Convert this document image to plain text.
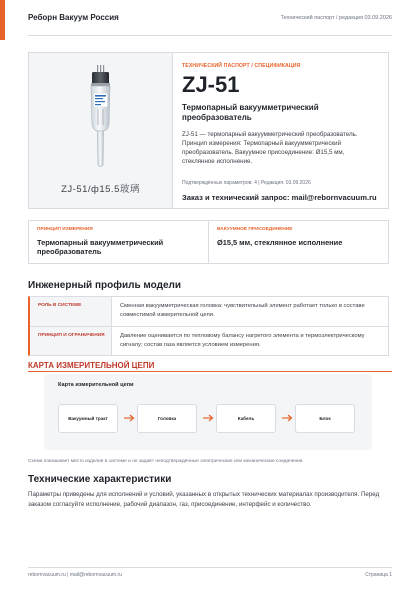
Реборн Вакуум Россия	Технический паспорт / редакция 03.09.2026
ZJ-51/ф15.5玻璃
ТЕХНИЧЕСКИЙ ПАСПОРТ / СПЕЦИФИКАЦИЯ
ZJ-51
Термопарный вакуумметрический преобразователь
ZJ-51 — термопарный вакуумметрический преобразователь. Принцип измерения: Термопарный вакуумметрический преобразователь. Вакуумное присоединение: Ø15,5 мм, стеклянное исполнение.
Подтверждённых параметров: 4 | Редакция: 03.09.2026
Заказ и технический запрос: mail@rebornvacuum.ru
ПРИНЦИП ИЗМЕРЕНИЯ
Термопарный вакуумметрический преобразователь
ВАКУУМНОЕ ПРИСОЕДИНЕНИЕ
Ø15,5 мм, стеклянное исполнение
Инженерный профиль модели
РОЛЬ В СИСТЕМЕ	Сменная вакуумметрическая головка: чувствительный элемент работает только в составе совместимой измерительной цепи.
ПРИНЦИП И ОГРАНИЧЕНИЯ	Давление оценивается по тепловому балансу нагретого элемента и термоэлектрическому сигналу; состав газа является условием измерения.
КАРТА ИЗМЕРИТЕЛЬНОЙ ЦЕПИ
Карта измерительной цепи
Вакуумный тракт	Головка	Кабель	Блок
Схема показывает место изделия в системе и не задаёт неподтверждённые электрические или механические соединения.
Технические характеристики
Параметры приведены для исполнений и условий, указанных в открытых технических материалах производителя. Перед заказом согласуйте исполнение, рабочий диапазон, газ, присоединение, интерфейс и количество.
rebornvacuum.ru | mail@rebornvacuum.ru	Страница 1
